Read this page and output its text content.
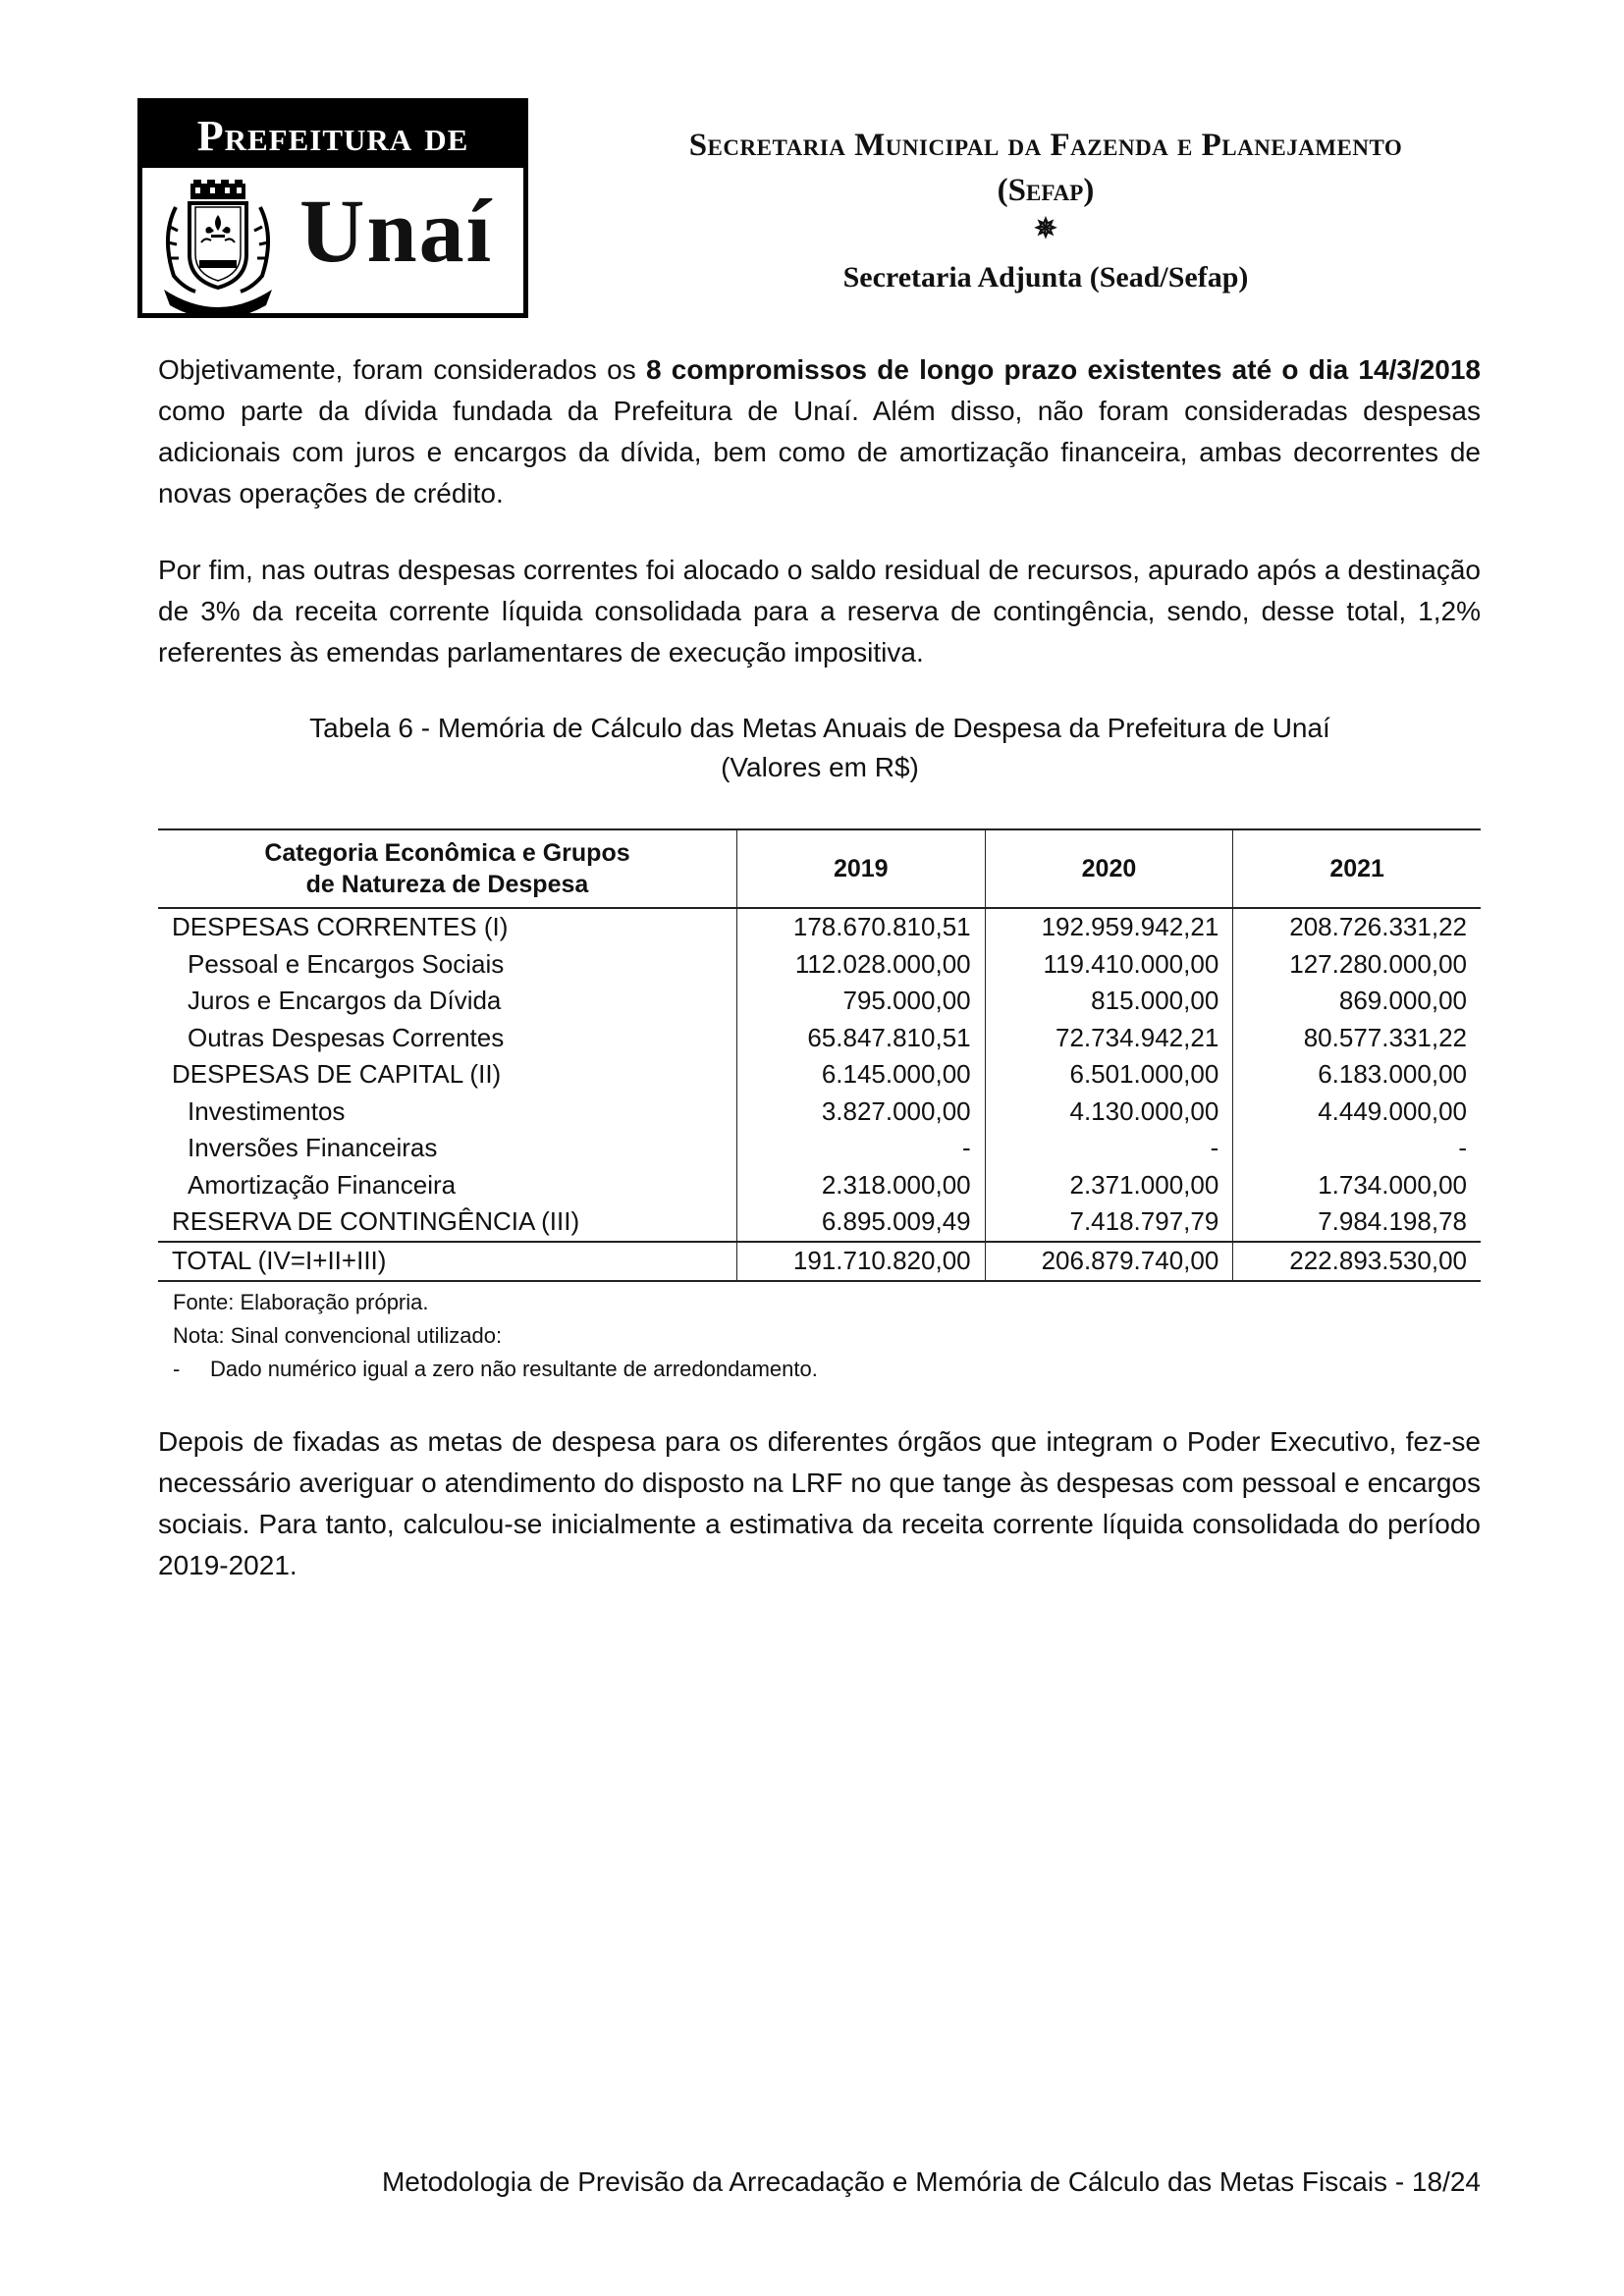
Prefeitura de
UNAÍ
Unaí
Secretaria Municipal da Fazenda e Planejamento
(Sefap)
✵
Secretaria Adjunta (Sead/Sefap)
Objetivamente, foram considerados os 8 compromissos de longo prazo existentes até o dia 14/3/2018 como parte da dívida fundada da Prefeitura de Unaí. Além disso, não foram consideradas despesas adicionais com juros e encargos da dívida, bem como de amortização financeira, ambas decorrentes de novas operações de crédito.
Por fim, nas outras despesas correntes foi alocado o saldo residual de recursos, apurado após a destinação de 3% da receita corrente líquida consolidada para a reserva de contingência, sendo, desse total, 1,2% referentes às emendas parlamentares de execução impositiva.
Tabela 6 - Memória de Cálculo das Metas Anuais de Despesa da Prefeitura de Unaí
(Valores em R$)
Categoria Econômica e Grupos
de Natureza de Despesa	2019	2020	2021
DESPESAS CORRENTES (I)	178.670.810,51	192.959.942,21	208.726.331,22
Pessoal e Encargos Sociais	112.028.000,00	119.410.000,00	127.280.000,00
Juros e Encargos da Dívida	795.000,00	815.000,00	869.000,00
Outras Despesas Correntes	65.847.810,51	72.734.942,21	80.577.331,22
DESPESAS DE CAPITAL (II)	6.145.000,00	6.501.000,00	6.183.000,00
Investimentos	3.827.000,00	4.130.000,00	4.449.000,00
Inversões Financeiras	-	-	-
Amortização Financeira	2.318.000,00	2.371.000,00	1.734.000,00
RESERVA DE CONTINGÊNCIA (III)	6.895.009,49	7.418.797,79	7.984.198,78
TOTAL (IV=I+II+III)	191.710.820,00	206.879.740,00	222.893.530,00
Fonte: Elaboração própria.
Nota: Sinal convencional utilizado:
- Dado numérico igual a zero não resultante de arredondamento.
Depois de fixadas as metas de despesa para os diferentes órgãos que integram o Poder Executivo, fez-se necessário averiguar o atendimento do disposto na LRF no que tange às despesas com pessoal e encargos sociais. Para tanto, calculou-se inicialmente a estimativa da receita corrente líquida consolidada do período 2019-2021.
Metodologia de Previsão da Arrecadação e Memória de Cálculo das Metas Fiscais - 18/24
